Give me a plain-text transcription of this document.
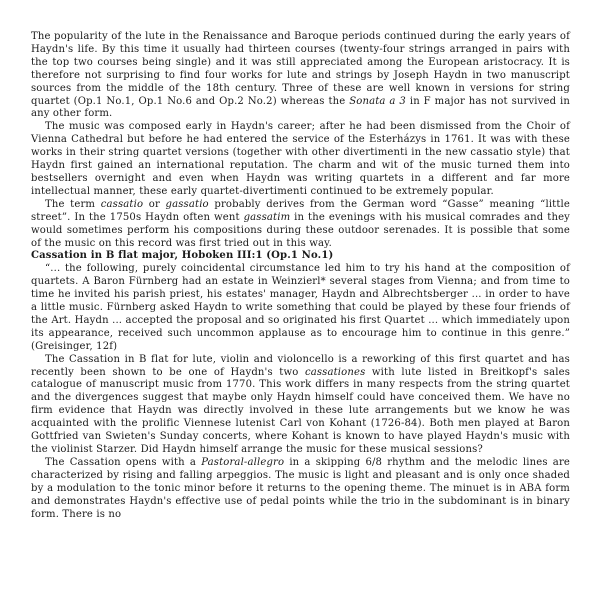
The popularity of the lute in the Renaissance and Baroque periods continued during the early years of Haydn's life. By this time it usually had thirteen courses (twenty-four strings arranged in pairs with the top two courses being single) and it was still appreciated among the European aristocracy. It is therefore not surprising to find four works for lute and strings by Joseph Haydn in two manuscript sources from the middle of the 18th century. Three of these are well known in versions for string quartet (Op.1 No.1, Op.1 No.6 and Op.2 No.2) whereas the Sonata a 3 in F major has not survived in any other form.

The music was composed early in Haydn's career; after he had been dismissed from the Choir of Vienna Cathedral but before he had entered the service of the Esterházys in 1761. It was with these works in their string quartet versions (together with other divertimenti in the new cassatio style) that Haydn first gained an international reputation. The charm and wit of the music turned them into bestsellers overnight and even when Haydn was writing quartets in a different and far more intellectual manner, these early quartet-divertimenti continued to be extremely popular.

The term cassatio or gassatio probably derives from the German word “Gasse” meaning “little street”. In the 1750s Haydn often went gassatim in the evenings with his musical comrades and they would sometimes perform his compositions during these outdoor serenades. It is possible that some of the music on this record was first tried out in this way.

Cassation in B flat major, Hoboken III:1 (Op.1 No.1)

“... the following, purely coincidental circumstance led him to try his hand at the composition of quartets. A Baron Fürnberg had an estate in Weinzierl* several stages from Vienna; and from time to time he invited his parish priest, his estates' manager, Haydn and Albrechtsberger ... in order to have a little music. Fürnberg asked Haydn to write something that could be played by these four friends of the Art. Haydn ... accepted the proposal and so originated his first Quartet ... which immediately upon its appearance, received such uncommon applause as to encourage him to continue in this genre.” (Greisinger, 12f)

The Cassation in B flat for lute, violin and violoncello is a reworking of this first quartet and has recently been shown to be one of Haydn's two cassationes with lute listed in Breitkopf's sales catalogue of manuscript music from 1770. This work differs in many respects from the string quartet and the divergences suggest that maybe only Haydn himself could have conceived them. We have no firm evidence that Haydn was directly involved in these lute arrangements but we know he was acquainted with the prolific Viennese lutenist Carl von Kohant (1726-84). Both men played at Baron Gottfried van Swieten's Sunday concerts, where Kohant is known to have played Haydn's music with the violinist Starzer. Did Haydn himself arrange the music for these musical sessions?

The Cassation opens with a Pastoral-allegro in a skipping 6/8 rhythm and the melodic lines are characterized by rising and falling arpeggios. The music is light and pleasant and is only once shaded by a modulation to the tonic minor before it returns to the opening theme. The minuet is in ABA form and demonstrates Haydn's effective use of pedal points while the trio in the subdominant is in binary form. There is no
